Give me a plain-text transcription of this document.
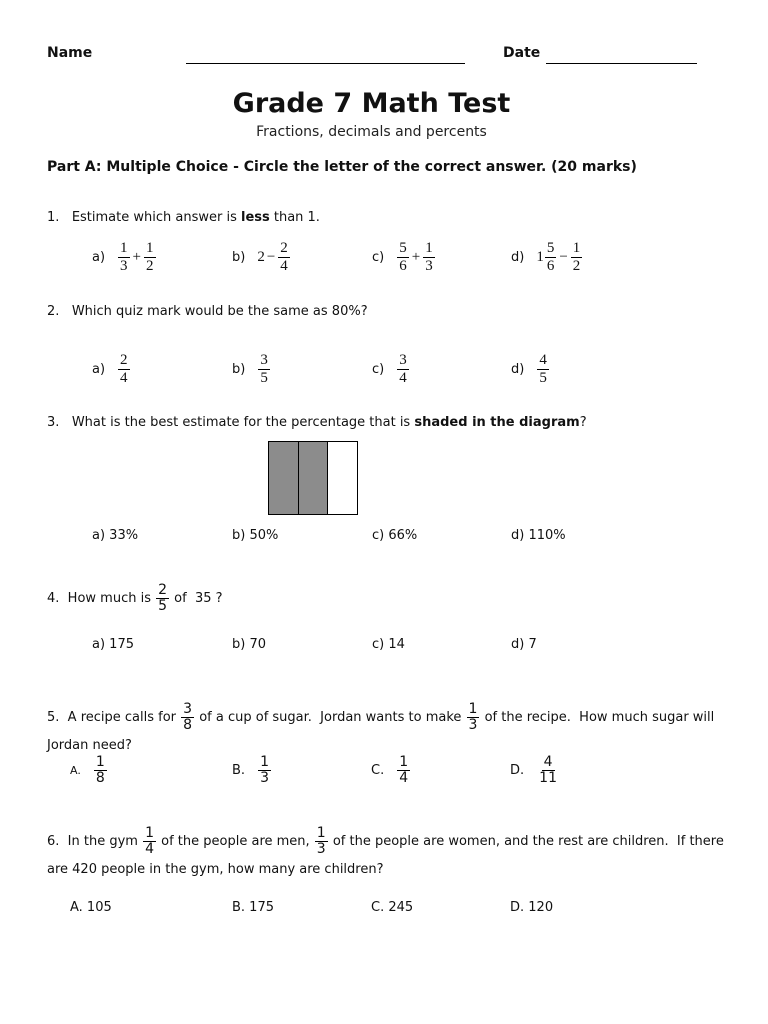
Name	Date
Grade 7 Math Test
Fractions, decimals and percents
Part A: Multiple Choice - Circle the letter of the correct answer. (20 marks)
1. Estimate which answer is less than 1.
$a) \frac{1}{3} + \frac{1}{2}$	b) $2 - \frac{2}{4}$	$c) \frac{5}{6} + \frac{1}{3}$	d) $1 \frac{5}{6} - \frac{1}{2}$
2. Which quiz mark would be the same as 80%?
$a) \frac{2}{4}$	$b) \frac{3}{5}$	$c) \frac{3}{4}$	$d) \frac{4}{5}$
3. What is the best estimate for the percentage that is shaded in the diagram?
a) 33%	b) 50%	c) 66%	d) 110%
4.
How much is $\frac{2}{5}$ of  35 ?
a) 175	b) 70	c) 14	d) 7
5.
A recipe calls for $\frac{3}{8}$ of a cup of sugar.  Jordan wants to make $\frac{1}{3}$ of the recipe.  How much sugar will
Jordan need?
A. $\frac{1}{8}$	B. $\frac{1}{3}$	C. $\frac{1}{4}$	D. $\frac{4}{11}$
6.
In the gym $\frac{1}{4}$ of the people are men, $\frac{1}{3}$ of the people are women, and the rest are children.  If there
are 420 people in the gym, how many are children?
A. 105	B. 175	C. 245	D. 120
